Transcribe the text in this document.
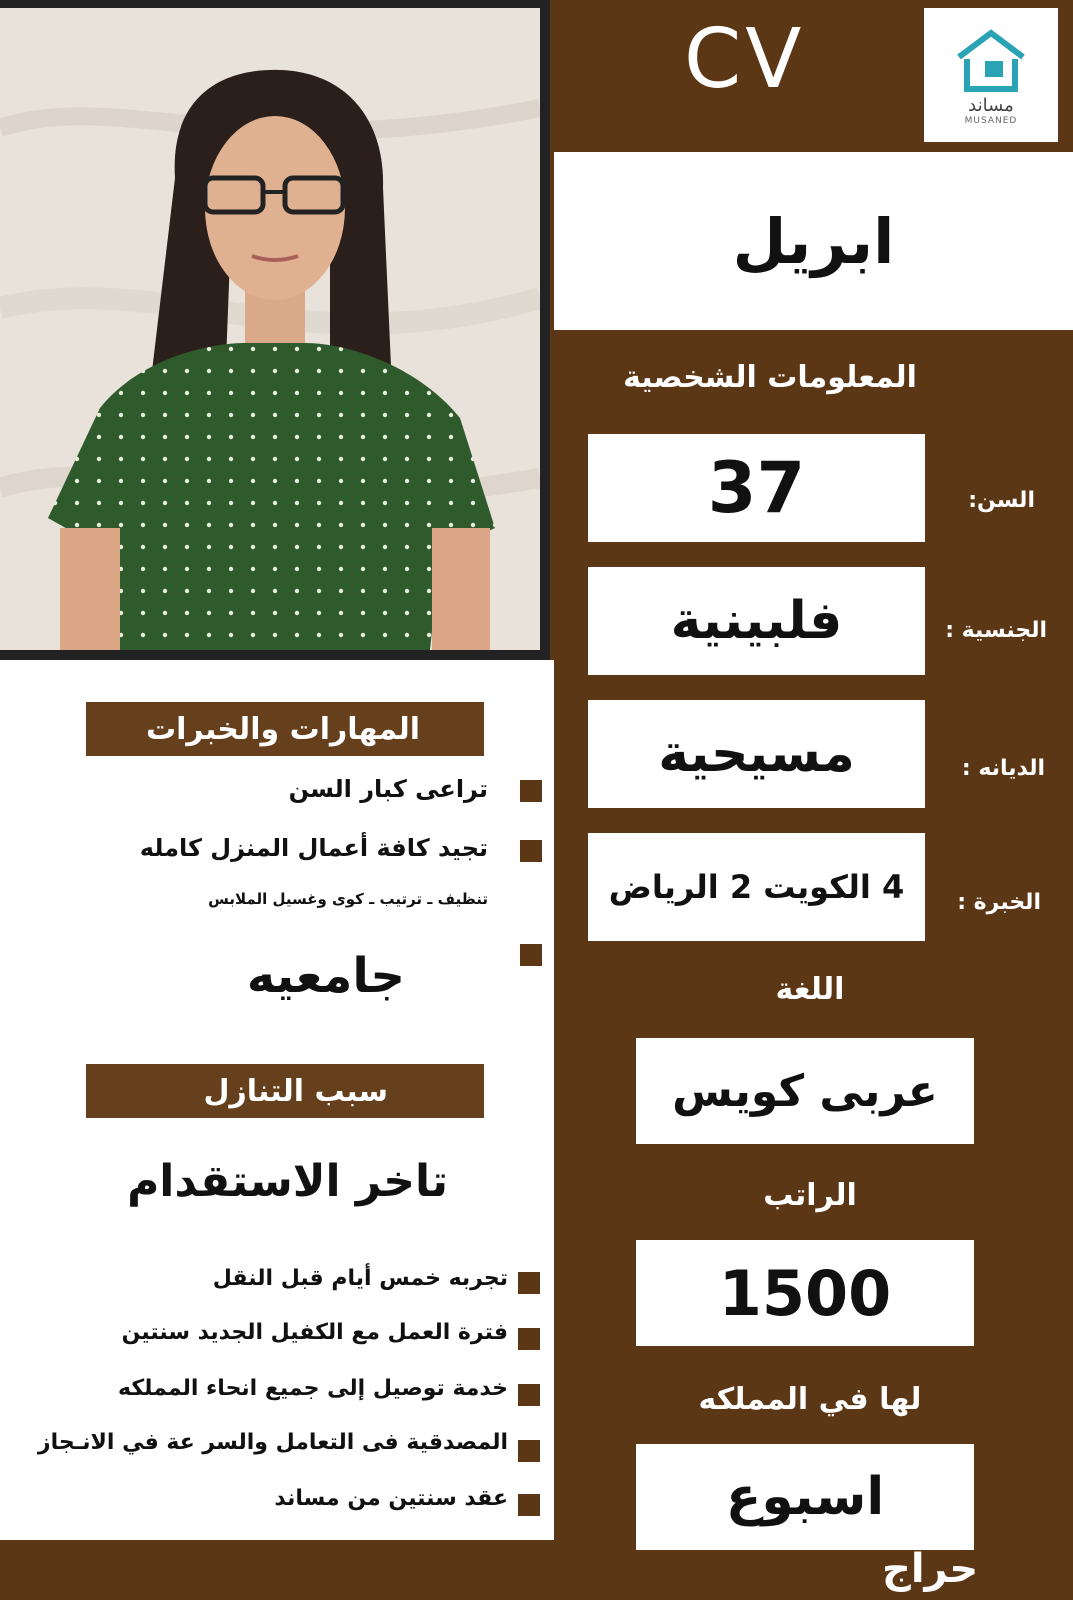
CV	مساند
MUSANED
ابريل
المعلومات الشخصية
37	السن:
فلبينية	الجنسية :
مسيحية	الديانه :
4 الكويت 2 الرياض	الخبرة :
اللغة
عربى كويس
الراتب
1500
لها في المملكه
اسبوع
المهارات والخبرات
تراعى كبار السن
تجيد كافة أعمال المنزل كامله
تنظيف ـ ترتيب ـ كوى وغسيل الملابس
جامعيه
سبب التنازل
تاخر الاستقدام
تجربه خمس أيام قبل النقل
فترة العمل مع الكفيل الجديد سنتين
خدمة توصيل إلى جميع انحاء المملكه
المصدقية فى التعامل والسر عة في الانـجاز
عقد سنتين من مساند
حراج
